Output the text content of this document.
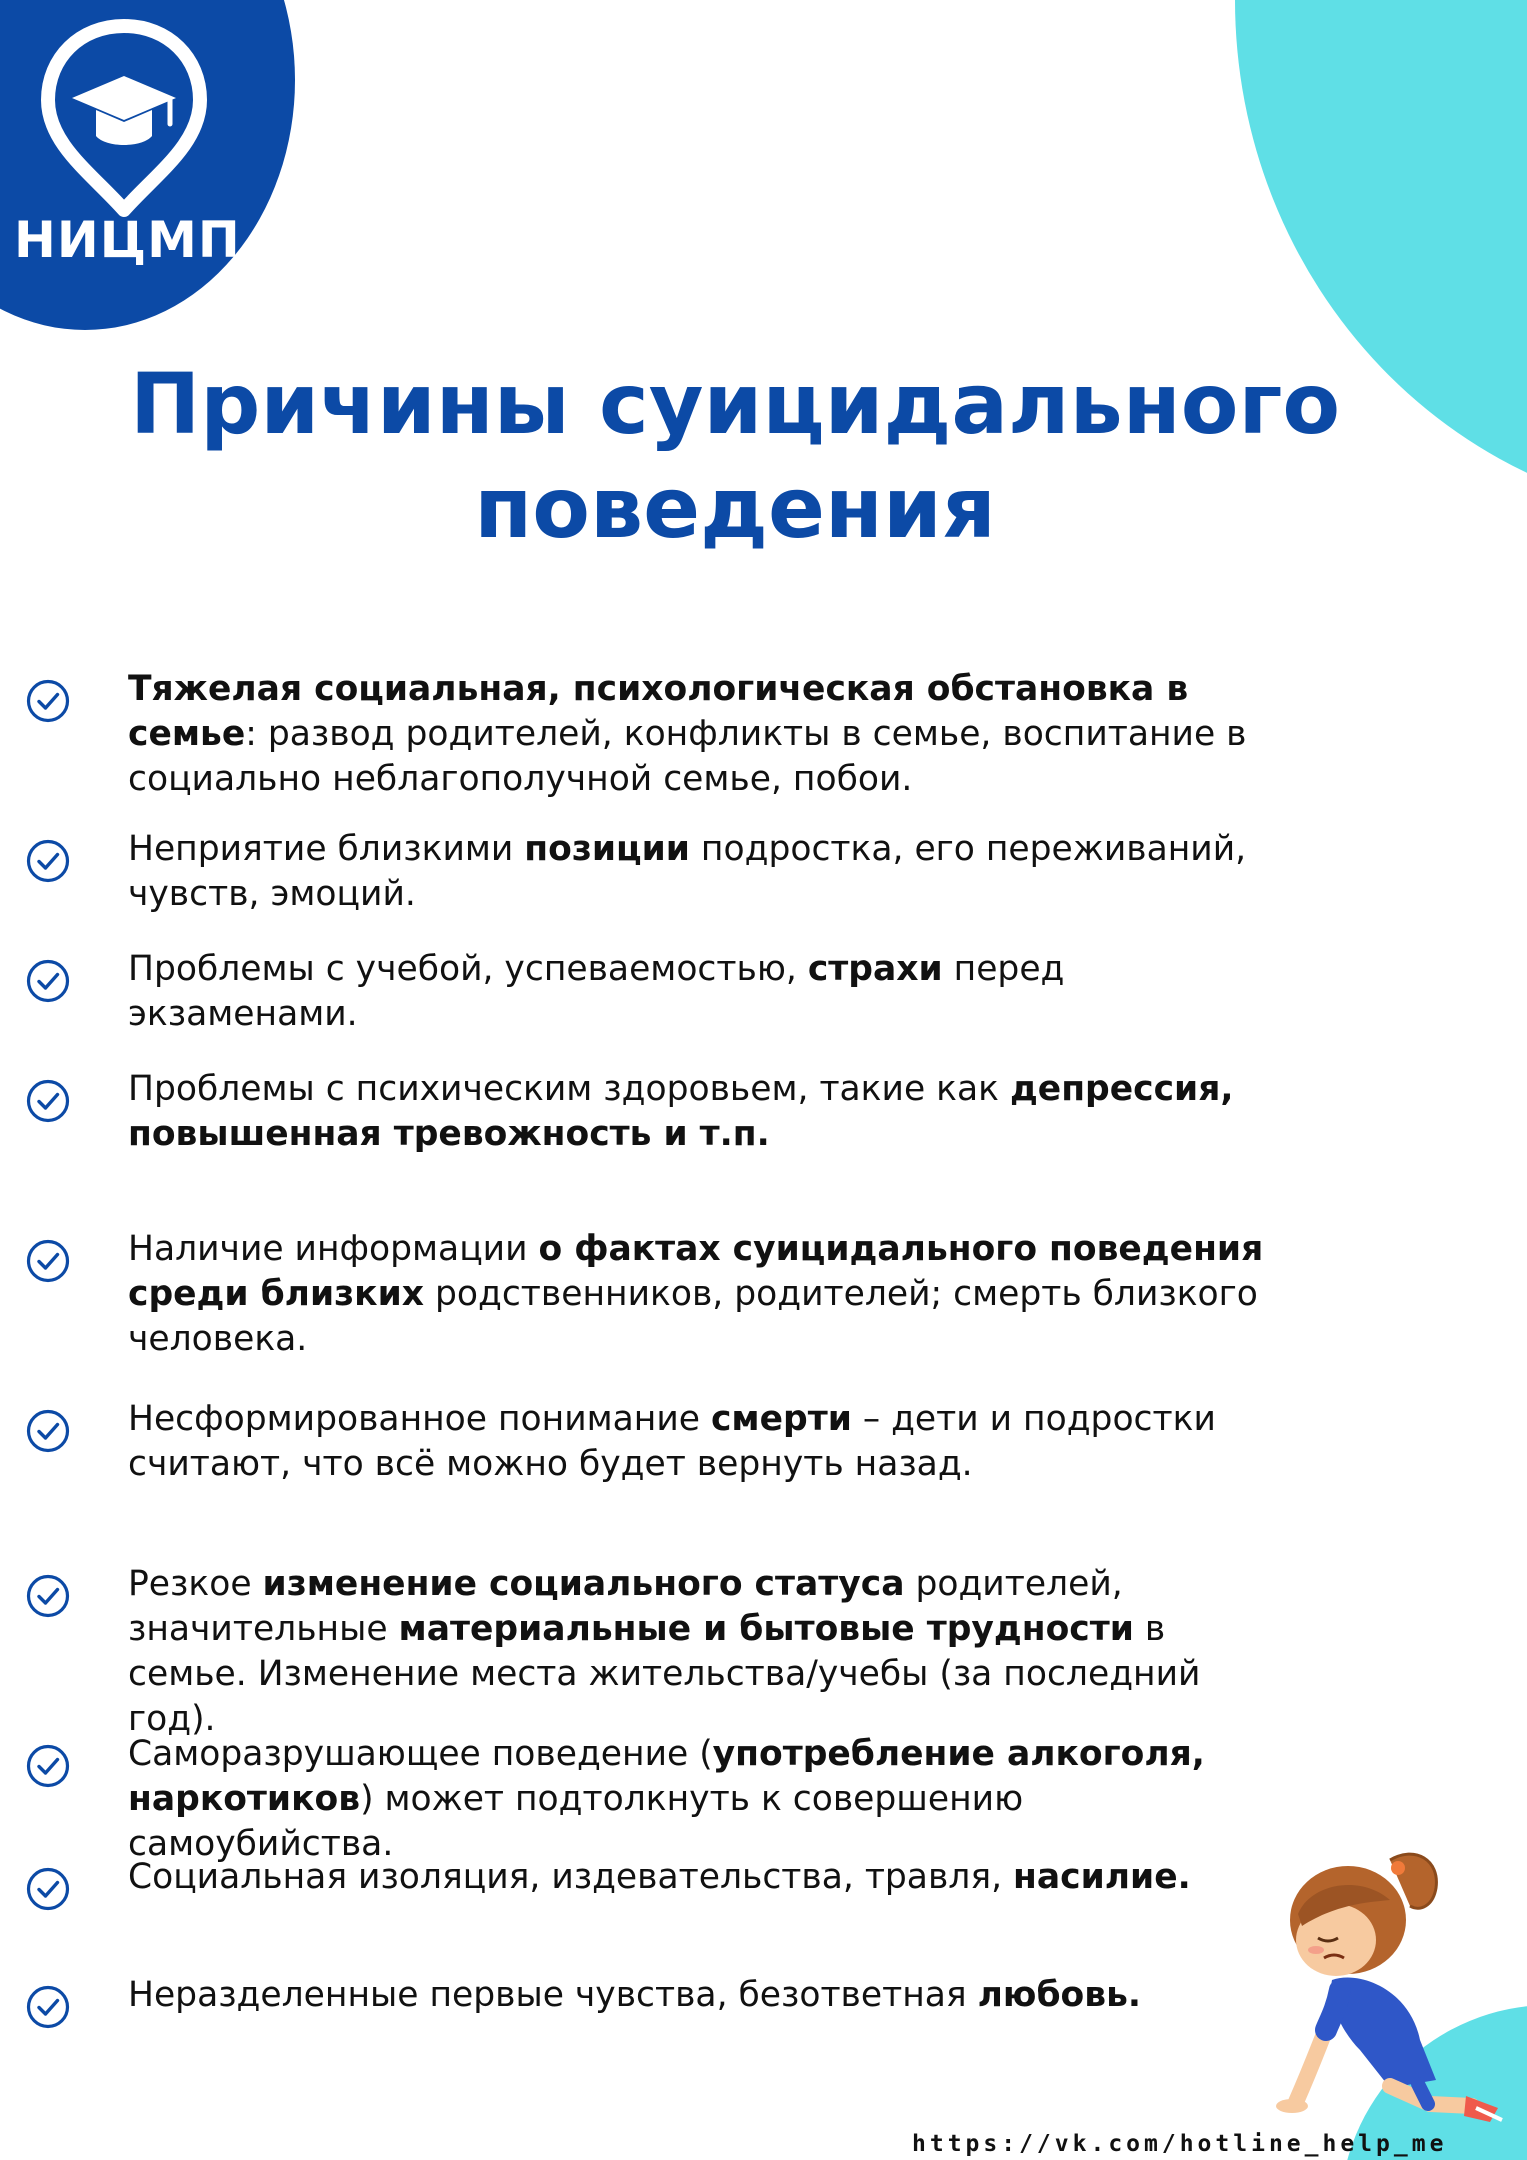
НИЦМП
Причины суицидального
поведения

Тяжелая социальная, психологическая обстановка в семье: развод родителей, конфликты в семье, воспитание в социально неблагополучной семье, побои.

Неприятие близкими позиции подростка, его переживаний, чувств, эмоций.

Проблемы с учебой, успеваемостью, страхи перед экзаменами.

Проблемы с психическим здоровьем, такие как депрессия, повышенная тревожность и т.п.

Наличие информации о фактах суицидального поведения среди близких родственников, родителей; смерть близкого человека.

Несформированное понимание смерти – дети и подростки считают, что всё можно будет вернуть назад.

Резкое изменение социального статуса родителей, значительные материальные и бытовые трудности в семье. Изменение места жительства/учебы (за последний год).

Саморазрушающее поведение (употребление алкоголя, наркотиков) может подтолкнуть к совершению самоубийства.

Социальная изоляция, издевательства, травля, насилие.

Неразделенные первые чувства, безответная любовь.

https://vk.com/hotline_help_me
